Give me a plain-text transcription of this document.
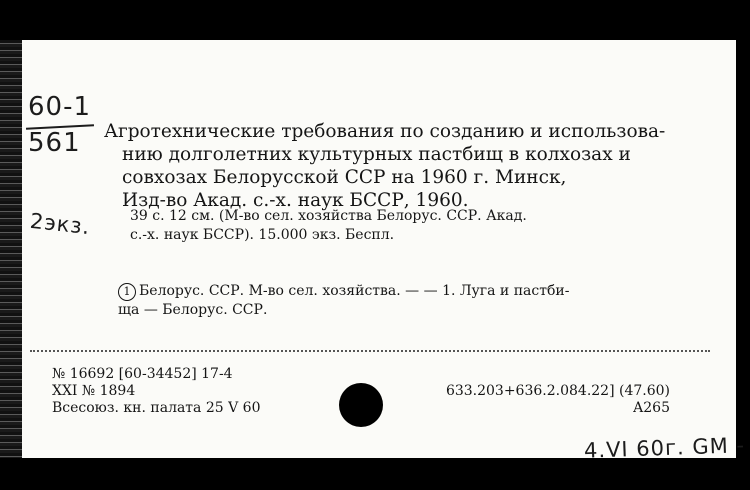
60-1
561
2экз.
Агротехнические требования по созданию и использова-
нию долголетних культурных пастбищ в колхозах и
совхозах Белорусской ССР на 1960 г. Минск,
Изд-во Акад. с.-х. наук БССР, 1960.
39 с. 12 см. (М-во сел. хозяйства Белорус. ССР. Акад.
с.-х. наук БССР). 15.000 экз. Беспл.
1 Белорус. ССР. М-во сел. хозяйства. — — 1. Луга и пастби-
ща — Белорус. ССР.
№ 16692 [60-34452] 17-4
XXI № 1894
Всесоюз. кн. палата 25 V 60
633.203+636.2.084.22] (47.60)
A265
4.VI 60г. GM -
